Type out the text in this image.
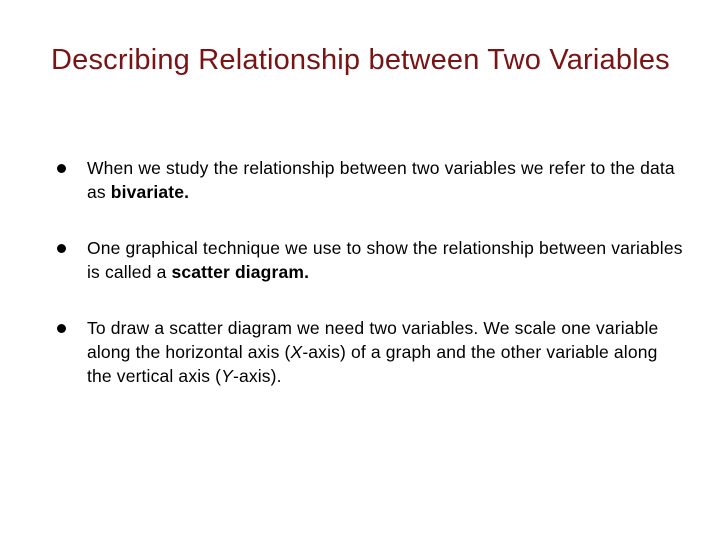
Describing Relationship between Two Variables
When we study the relationship between two variables we refer to the data as bivariate.
One graphical technique we use to show the relationship between variables is called a scatter diagram.
To draw a scatter diagram we need two variables. We scale one variable along the horizontal axis (X-axis) of a graph and the other variable along the vertical axis (Y-axis).
